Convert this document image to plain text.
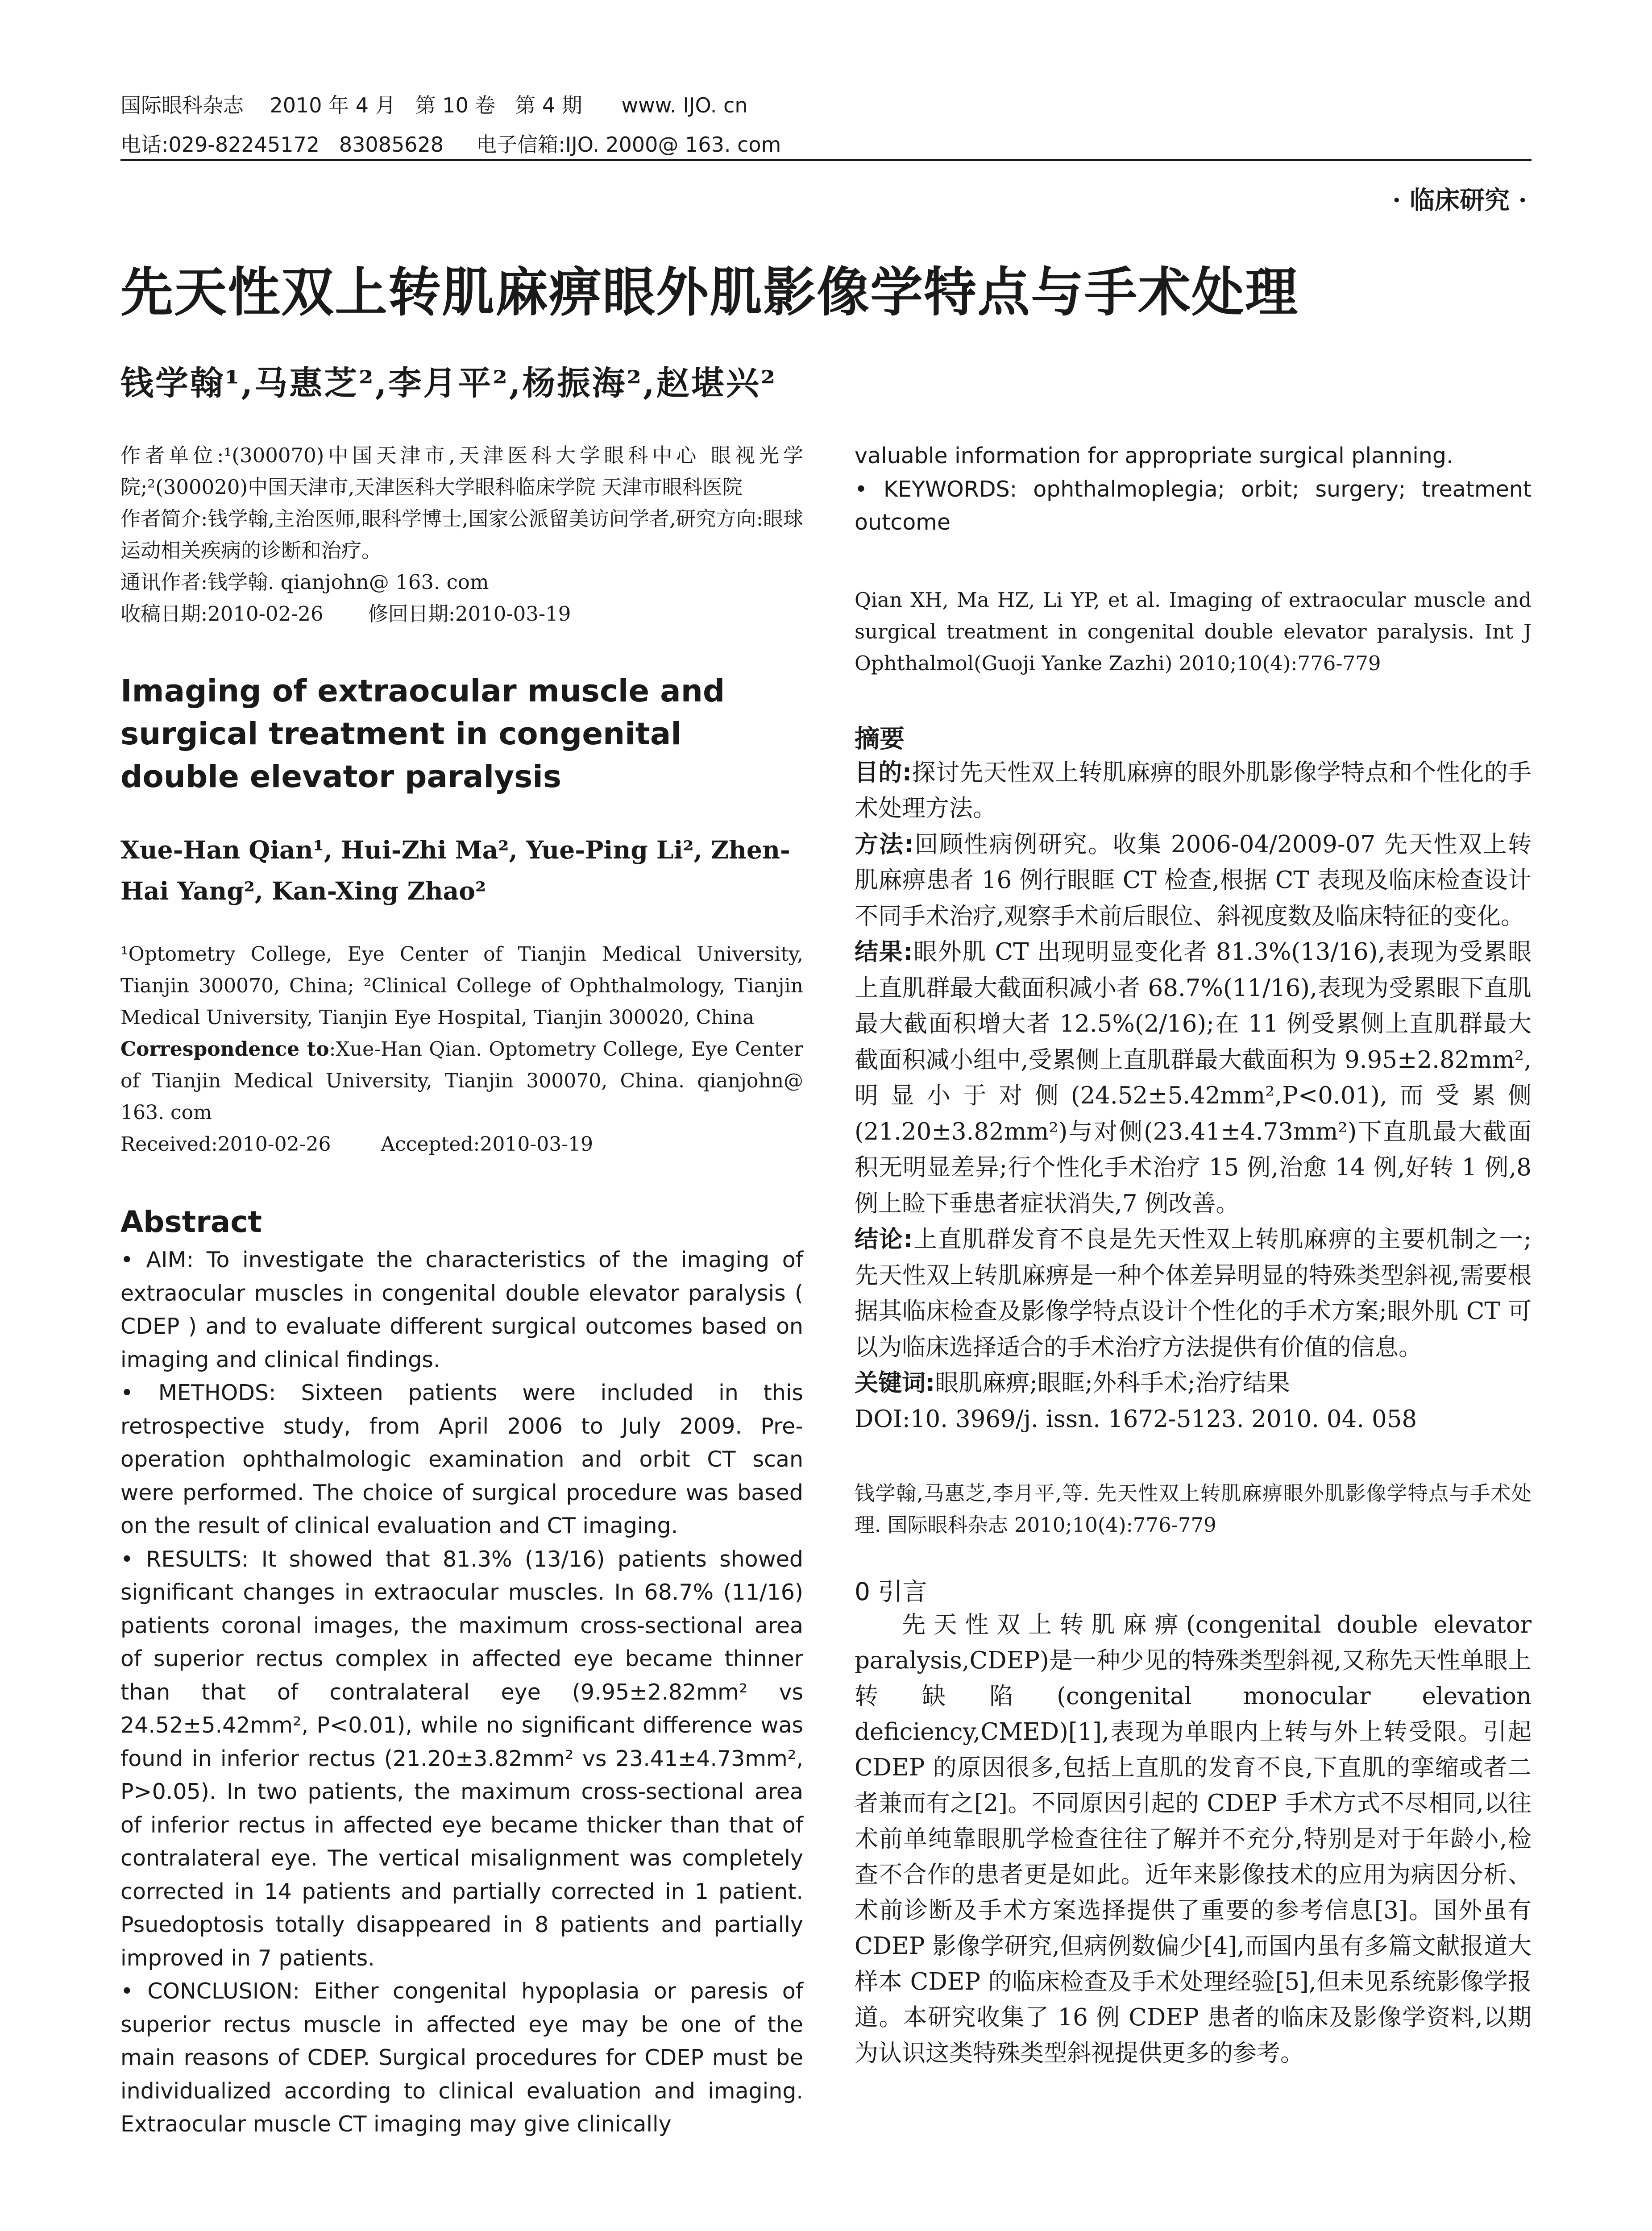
国际眼科杂志    2010 年 4 月   第 10 卷   第 4 期      www. IJO. cn
电话:029-82245172   83085628     电子信箱:IJO. 2000@ 163. com
· 临床研究 ·
先天性双上转肌麻痹眼外肌影像学特点与手术处理
钱学翰¹,马惠芝²,李月平²,杨振海²,赵堪兴²

作者单位:¹(300070)中国天津市,天津医科大学眼科中心 眼视光学院;²(300020)中国天津市,天津医科大学眼科临床学院 天津市眼科医院

作者简介:钱学翰,主治医师,眼科学博士,国家公派留美访问学者,研究方向:眼球运动相关疾病的诊断和治疗。

通讯作者:钱学翰. qianjohn@ 163. com

收稿日期:2010-02-26       修回日期:2010-03-19

Imaging of extraocular muscle and surgical treatment in congenital double elevator paralysis
Xue-Han Qian¹, Hui-Zhi Ma², Yue-Ping Li², Zhen-Hai Yang², Kan-Xing Zhao²
¹Optometry College, Eye Center of Tianjin Medical University, Tianjin 300070, China; ²Clinical College of Ophthalmology, Tianjin Medical University, Tianjin Eye Hospital, Tianjin 300020, China
Correspondence to:Xue-Han Qian. Optometry College, Eye Center of Tianjin Medical University, Tianjin 300070, China. qianjohn@ 163. com
Received:2010-02-26        Accepted:2010-03-19
Abstract

• AIM: To investigate the characteristics of the imaging of extraocular muscles in congenital double elevator paralysis ( CDEP ) and to evaluate different surgical outcomes based on imaging and clinical findings.

• METHODS: Sixteen patients were included in this retrospective study, from April 2006 to July 2009. Pre-operation ophthalmologic examination and orbit CT scan were performed. The choice of surgical procedure was based on the result of clinical evaluation and CT imaging.

• RESULTS: It showed that 81.3% (13/16) patients showed significant changes in extraocular muscles. In 68.7% (11/16) patients coronal images, the maximum cross-sectional area of superior rectus complex in affected eye became thinner than that of contralateral eye (9.95±2.82mm² vs 24.52±5.42mm², P<0.01), while no significant difference was found in inferior rectus (21.20±3.82mm² vs 23.41±4.73mm², P>0.05). In two patients, the maximum cross-sectional area of inferior rectus in affected eye became thicker than that of contralateral eye. The vertical misalignment was completely corrected in 14 patients and partially corrected in 1 patient. Psuedoptosis totally disappeared in 8 patients and partially improved in 7 patients.

• CONCLUSION: Either congenital hypoplasia or paresis of superior rectus muscle in affected eye may be one of the main reasons of CDEP. Surgical procedures for CDEP must be individualized according to clinical evaluation and imaging. Extraocular muscle CT imaging may give clinically

valuable information for appropriate surgical planning.

• KEYWORDS: ophthalmoplegia; orbit; surgery; treatment outcome

Qian XH, Ma HZ, Li YP, et al. Imaging of extraocular muscle and surgical treatment in congenital double elevator paralysis. Int J Ophthalmol(Guoji Yanke Zazhi) 2010;10(4):776-779
摘要

目的:探讨先天性双上转肌麻痹的眼外肌影像学特点和个性化的手术处理方法。

方法:回顾性病例研究。收集 2006-04/2009-07 先天性双上转肌麻痹患者 16 例行眼眶 CT 检查,根据 CT 表现及临床检查设计不同手术治疗,观察手术前后眼位、斜视度数及临床特征的变化。

结果:眼外肌 CT 出现明显变化者 81.3%(13/16),表现为受累眼上直肌群最大截面积减小者 68.7%(11/16),表现为受累眼下直肌最大截面积增大者 12.5%(2/16);在 11 例受累侧上直肌群最大截面积减小组中,受累侧上直肌群最大截面积为 9.95±2.82mm²,明显小于对侧(24.52±5.42mm²,P<0.01),而受累侧(21.20±3.82mm²)与对侧(23.41±4.73mm²)下直肌最大截面积无明显差异;行个性化手术治疗 15 例,治愈 14 例,好转 1 例,8 例上睑下垂患者症状消失,7 例改善。

结论:上直肌群发育不良是先天性双上转肌麻痹的主要机制之一;先天性双上转肌麻痹是一种个体差异明显的特殊类型斜视,需要根据其临床检查及影像学特点设计个性化的手术方案;眼外肌 CT 可以为临床选择适合的手术治疗方法提供有价值的信息。

关键词:眼肌麻痹;眼眶;外科手术;治疗结果

DOI:10. 3969/j. issn. 1672-5123. 2010. 04. 058

钱学翰,马惠芝,李月平,等. 先天性双上转肌麻痹眼外肌影像学特点与手术处理. 国际眼科杂志 2010;10(4):776-779
0 引言
先天性双上转肌麻痹(congenital double elevator paralysis,CDEP)是一种少见的特殊类型斜视,又称先天性单眼上转缺陷(congenital monocular elevation deficiency,CMED)[1],表现为单眼内上转与外上转受限。引起 CDEP 的原因很多,包括上直肌的发育不良,下直肌的挛缩或者二者兼而有之[2]。不同原因引起的 CDEP 手术方式不尽相同,以往术前单纯靠眼肌学检查往往了解并不充分,特别是对于年龄小,检查不合作的患者更是如此。近年来影像技术的应用为病因分析、术前诊断及手术方案选择提供了重要的参考信息[3]。国外虽有 CDEP 影像学研究,但病例数偏少[4],而国内虽有多篇文献报道大样本 CDEP 的临床检查及手术处理经验[5],但未见系统影像学报道。本研究收集了 16 例 CDEP 患者的临床及影像学资料,以期为认识这类特殊类型斜视提供更多的参考。
